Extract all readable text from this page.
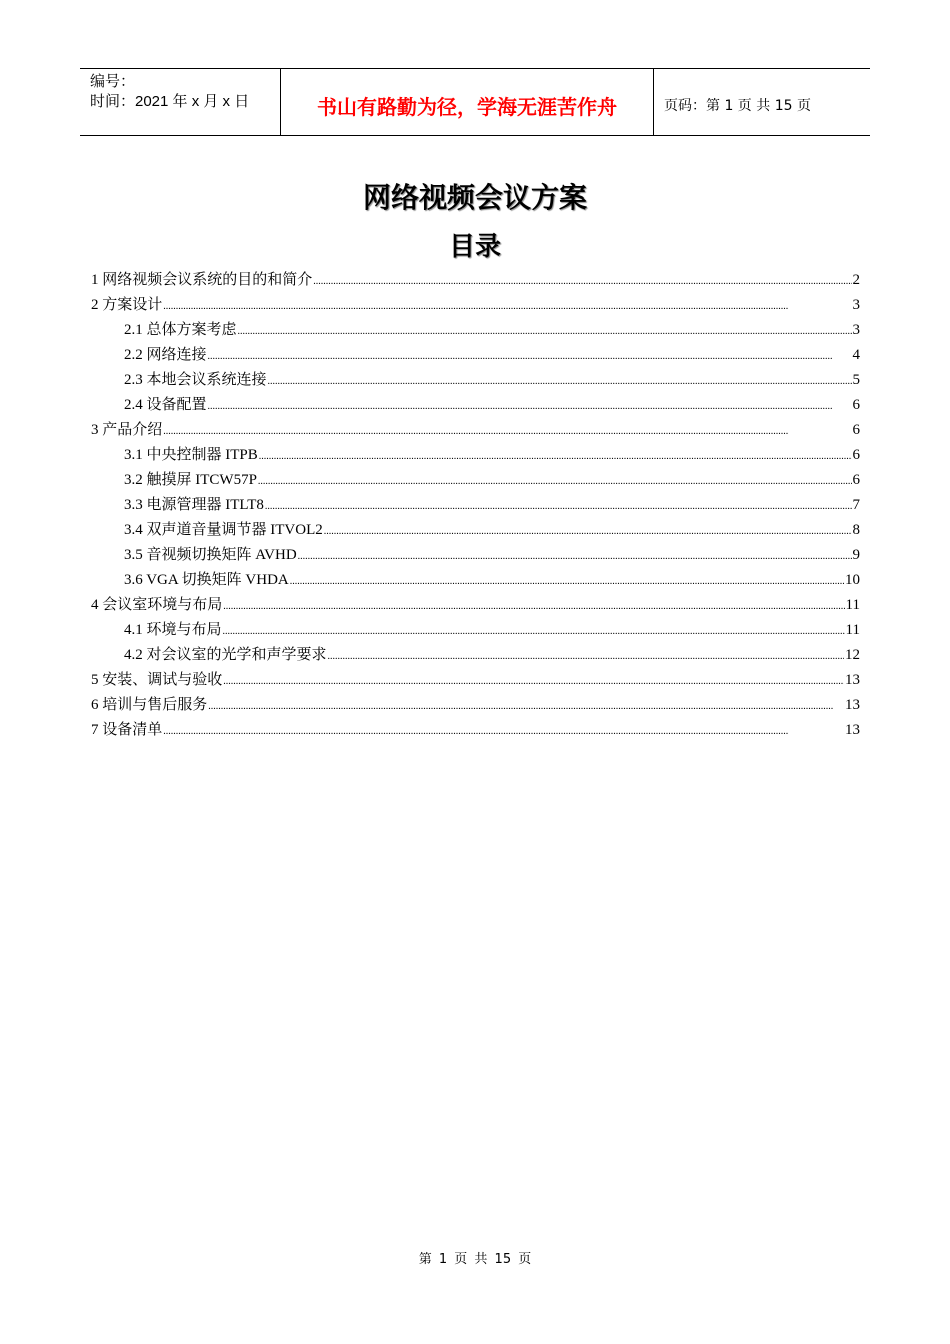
编号：
时间：2021 年 x 月 x 日	书山有路勤为径，学海无涯苦作舟	页码：第 1 页 共 15 页
网络视频会议方案
目录
1 网络视频会议系统的目的和简介 .....	2
2 方案设计 .....	3
2.1 总体方案考虑 .....	3
2.2 网络连接 .....	4
2.3 本地会议系统连接 .....	5
2.4 设备配置 .....	6
3 产品介绍 .....	6
3.1 中央控制器 ITPB .....	6
3.2 触摸屏 ITCW57P .....	6
3.3 电源管理器 ITLT8 .....	7
3.4 双声道音量调节器 ITVOL2 .....	8
3.5 音视频切换矩阵 AVHD .....	9
3.6 VGA 切换矩阵 VHDA .....	10
4 会议室环境与布局 .....	11
4.1 环境与布局 .....	11
4.2 对会议室的光学和声学要求 .....	12
5 安装、调试与验收 .....	13
6 培训与售后服务 .....	13
7 设备清单 .....	13
第 1 页 共 15 页
